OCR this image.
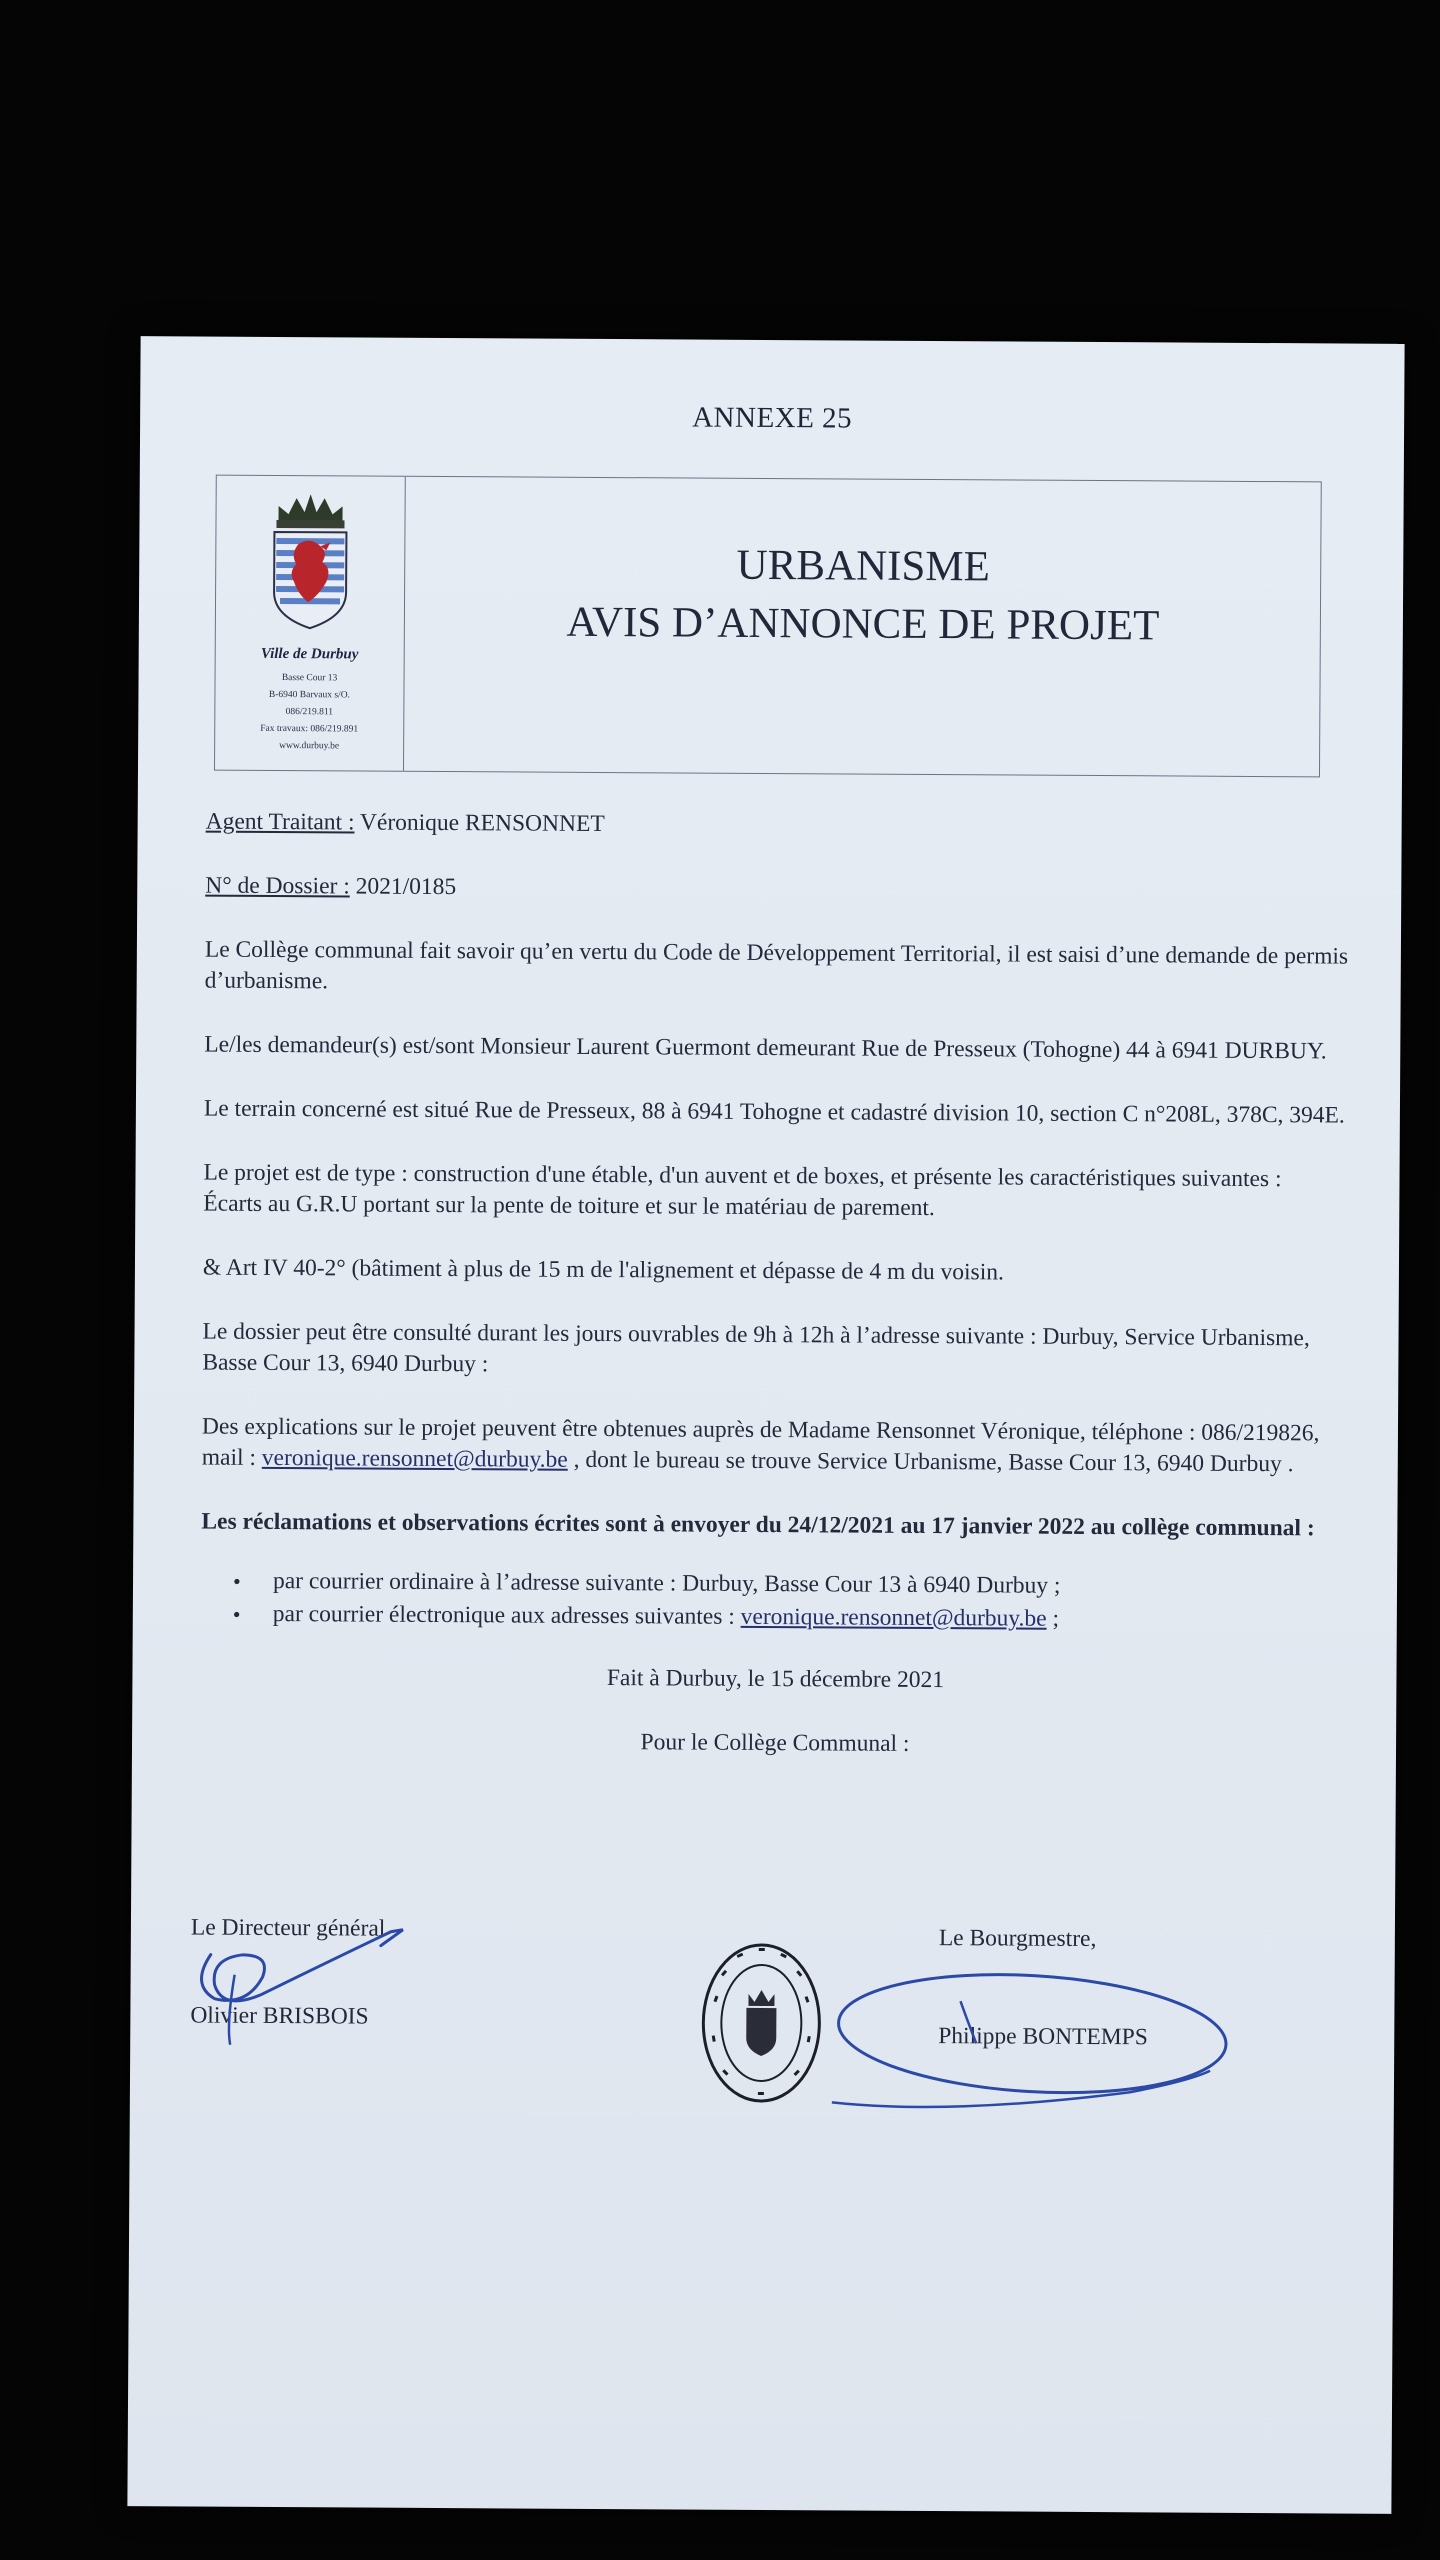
ANNEXE 25
Ville de Durbuy
Basse Cour 13
B-6940 Barvaux s/O.
086/219.811
Fax travaux: 086/219.891
www.durbuy.be
URBANISME
AVIS D’ANNONCE DE PROJET

Agent Traitant : Véronique RENSONNET

N° de Dossier : 2021/0185

Le Collège communal fait savoir qu’en vertu du Code de Développement Territorial, il est saisi d’une demande de permis d’urbanisme.

Le/les demandeur(s) est/sont Monsieur Laurent Guermont demeurant Rue de Presseux (Tohogne) 44 à 6941 DURBUY.

Le terrain concerné est situé Rue de Presseux, 88 à 6941 Tohogne et cadastré division 10, section C n°208L, 378C, 394E.

Le projet est de type : construction d'une étable, d'un auvent et de boxes, et présente les caractéristiques suivantes :
Écarts au G.R.U portant sur la pente de toiture et sur le matériau de parement.

& Art IV 40-2° (bâtiment à plus de 15 m de l'alignement et dépasse de 4 m du voisin.

Le dossier peut être consulté durant les jours ouvrables de 9h à 12h à l’adresse suivante : Durbuy, Service Urbanisme, Basse Cour 13, 6940 Durbuy :

Des explications sur le projet peuvent être obtenues auprès de Madame Rensonnet Véronique, téléphone : 086/219826, mail : veronique.rensonnet@durbuy.be , dont le bureau se trouve Service Urbanisme, Basse Cour 13, 6940 Durbuy .

Les réclamations et observations écrites sont à envoyer du 24/12/2021 au 17 janvier 2022 au collège communal :

• par courrier ordinaire à l’adresse suivante : Durbuy, Basse Cour 13 à 6940 Durbuy ;
• par courrier électronique aux adresses suivantes : veronique.rensonnet@durbuy.be ;

Fait à Durbuy, le 15 décembre 2021

Pour le Collège Communal :

Le Directeur général
Olivier BRISBOIS
Le Bourgmestre,
Philippe BONTEMPS
